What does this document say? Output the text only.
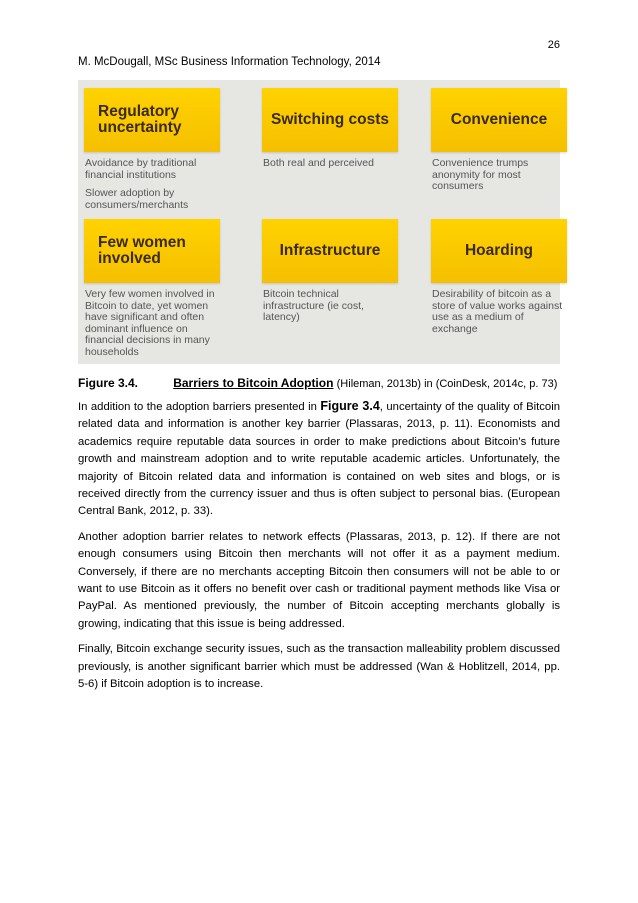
26
M. McDougall, MSc Business Information Technology, 2014
Regulatory
uncertainty

Avoidance by traditional financial institutions

Slower adoption by consumers/merchants

Switching costs

Both real and perceived

Convenience

Convenience trumps anonymity for most consumers

Few women
involved

Very few women involved in Bitcoin to date, yet women have significant and often dominant influence on financial decisions in many households

Infrastructure

Bitcoin technical infrastructure (ie cost, latency)

Hoarding

Desirability of bitcoin as a store of value works against use as a medium of exchange

Figure 3.4.	Barriers to Bitcoin Adoption (Hileman, 2013b) in (CoinDesk, 2014c, p. 73)

In addition to the adoption barriers presented in Figure 3.4, uncertainty of the quality of Bitcoin related data and information is another key barrier (Plassaras, 2013, p. 11). Economists and academics require reputable data sources in order to make predictions about Bitcoin’s future growth and mainstream adoption and to write reputable academic articles. Unfortunately, the majority of Bitcoin related data and information is contained on web sites and blogs, or is received directly from the currency issuer and thus is often subject to personal bias. (European Central Bank, 2012, p. 33).

Another adoption barrier relates to network effects (Plassaras, 2013, p. 12). If there are not enough consumers using Bitcoin then merchants will not offer it as a payment medium. Conversely, if there are no merchants accepting Bitcoin then consumers will not be able to or want to use Bitcoin as it offers no benefit over cash or traditional payment methods like Visa or PayPal. As mentioned previously, the number of Bitcoin accepting merchants globally is growing, indicating that this issue is being addressed.

Finally, Bitcoin exchange security issues, such as the transaction malleability problem discussed previously, is another significant barrier which must be addressed (Wan & Hoblitzell, 2014, pp. 5-6) if Bitcoin adoption is to increase.
